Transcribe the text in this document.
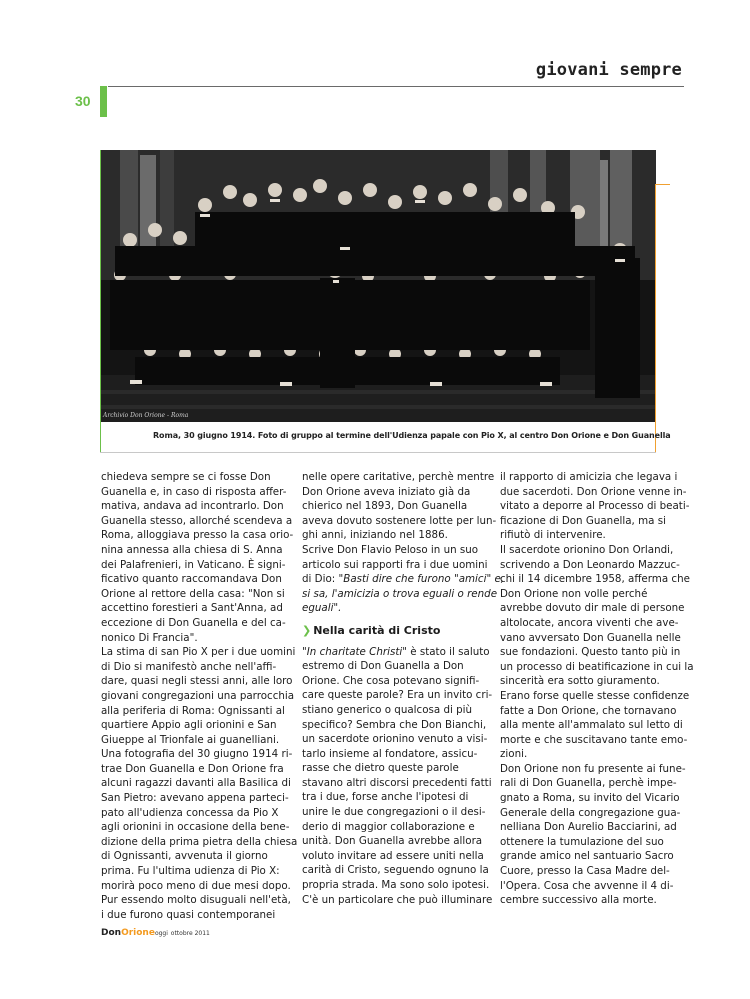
giovani sempre
30
Archivio Don Orione - Roma
Roma, 30 giugno 1914. Foto di gruppo al termine dell'Udienza papale con Pio X, al centro Don Orione e Don Guanella

chiedeva sempre se ci fosse Don

Guanella e, in caso di risposta affer-

mativa, andava ad incontrarlo. Don

Guanella stesso, allorché scendeva a

Roma, alloggiava presso la casa orio-

nina annessa alla chiesa di S. Anna

dei Palafrenieri, in Vaticano. È signi-

ficativo quanto raccomandava Don

Orione al rettore della casa: "Non si

accettino forestieri a Sant'Anna, ad

eccezione di Don Guanella e del ca-

nonico Di Francia".

La stima di san Pio X per i due uomini

di Dio si manifestò anche nell'affi-

dare, quasi negli stessi anni, alle loro

giovani congregazioni una parrocchia

alla periferia di Roma: Ognissanti al

quartiere Appio agli orionini e San

Giueppe al Trionfale ai guanelliani.

Una fotografia del 30 giugno 1914 ri-

trae Don Guanella e Don Orione fra

alcuni ragazzi davanti alla Basilica di

San Pietro: avevano appena parteci-

pato all'udienza concessa da Pio X

agli orionini in occasione della bene-

dizione della prima pietra della chiesa

di Ognissanti, avvenuta il giorno

prima. Fu l'ultima udienza di Pio X:

morirà poco meno di due mesi dopo.

Pur essendo molto disuguali nell'età,

i due furono quasi contemporanei

nelle opere caritative, perchè mentre

Don Orione aveva iniziato già da

chierico nel 1893, Don Guanella

aveva dovuto sostenere lotte per lun-

ghi anni, iniziando nel 1886.

Scrive Don Flavio Peloso in un suo

articolo sui rapporti fra i due uomini

di Dio: "Basti dire che furono "amici" e,

si sa, l'amicizia o trova eguali o rende

eguali".

❯ Nella carità di Cristo

"In charitate Christi" è stato il saluto

estremo di Don Guanella a Don

Orione. Che cosa potevano signifi-

care queste parole? Era un invito cri-

stiano generico o qualcosa di più

specifico? Sembra che Don Bianchi,

un sacerdote orionino venuto a visi-

tarlo insieme al fondatore, assicu-

rasse che dietro queste parole

stavano altri discorsi precedenti fatti

tra i due, forse anche l'ipotesi di

unire le due congregazioni o il desi-

derio di maggior collaborazione e

unità. Don Guanella avrebbe allora

voluto invitare ad essere uniti nella

carità di Cristo, seguendo ognuno la

propria strada. Ma sono solo ipotesi.

C'è un particolare che può illuminare

il rapporto di amicizia che legava i

due sacerdoti. Don Orione venne in-

vitato a deporre al Processo di beati-

ficazione di Don Guanella, ma si

rifiutò di intervenire.

Il sacerdote orionino Don Orlandi,

scrivendo a Don Leonardo Mazzuc-

chi il 14 dicembre 1958, afferma che

Don Orione non volle perché

avrebbe dovuto dir male di persone

altolocate, ancora viventi che ave-

vano avversato Don Guanella nelle

sue fondazioni. Questo tanto più in

un processo di beatificazione in cui la

sincerità era sotto giuramento.

Erano forse quelle stesse confidenze

fatte a Don Orione, che tornavano

alla mente all'ammalato sul letto di

morte e che suscitavano tante emo-

zioni.

Don Orione non fu presente ai fune-

rali di Don Guanella, perchè impe-

gnato a Roma, su invito del Vicario

Generale della congregazione gua-

nelliana Don Aurelio Bacciarini, ad

ottenere la tumulazione del suo

grande amico nel santuario Sacro

Cuore, presso la Casa Madre del-

l'Opera. Cosa che avvenne il 4 di-

cembre successivo alla morte.

DonOrioneoggi ottobre 2011
